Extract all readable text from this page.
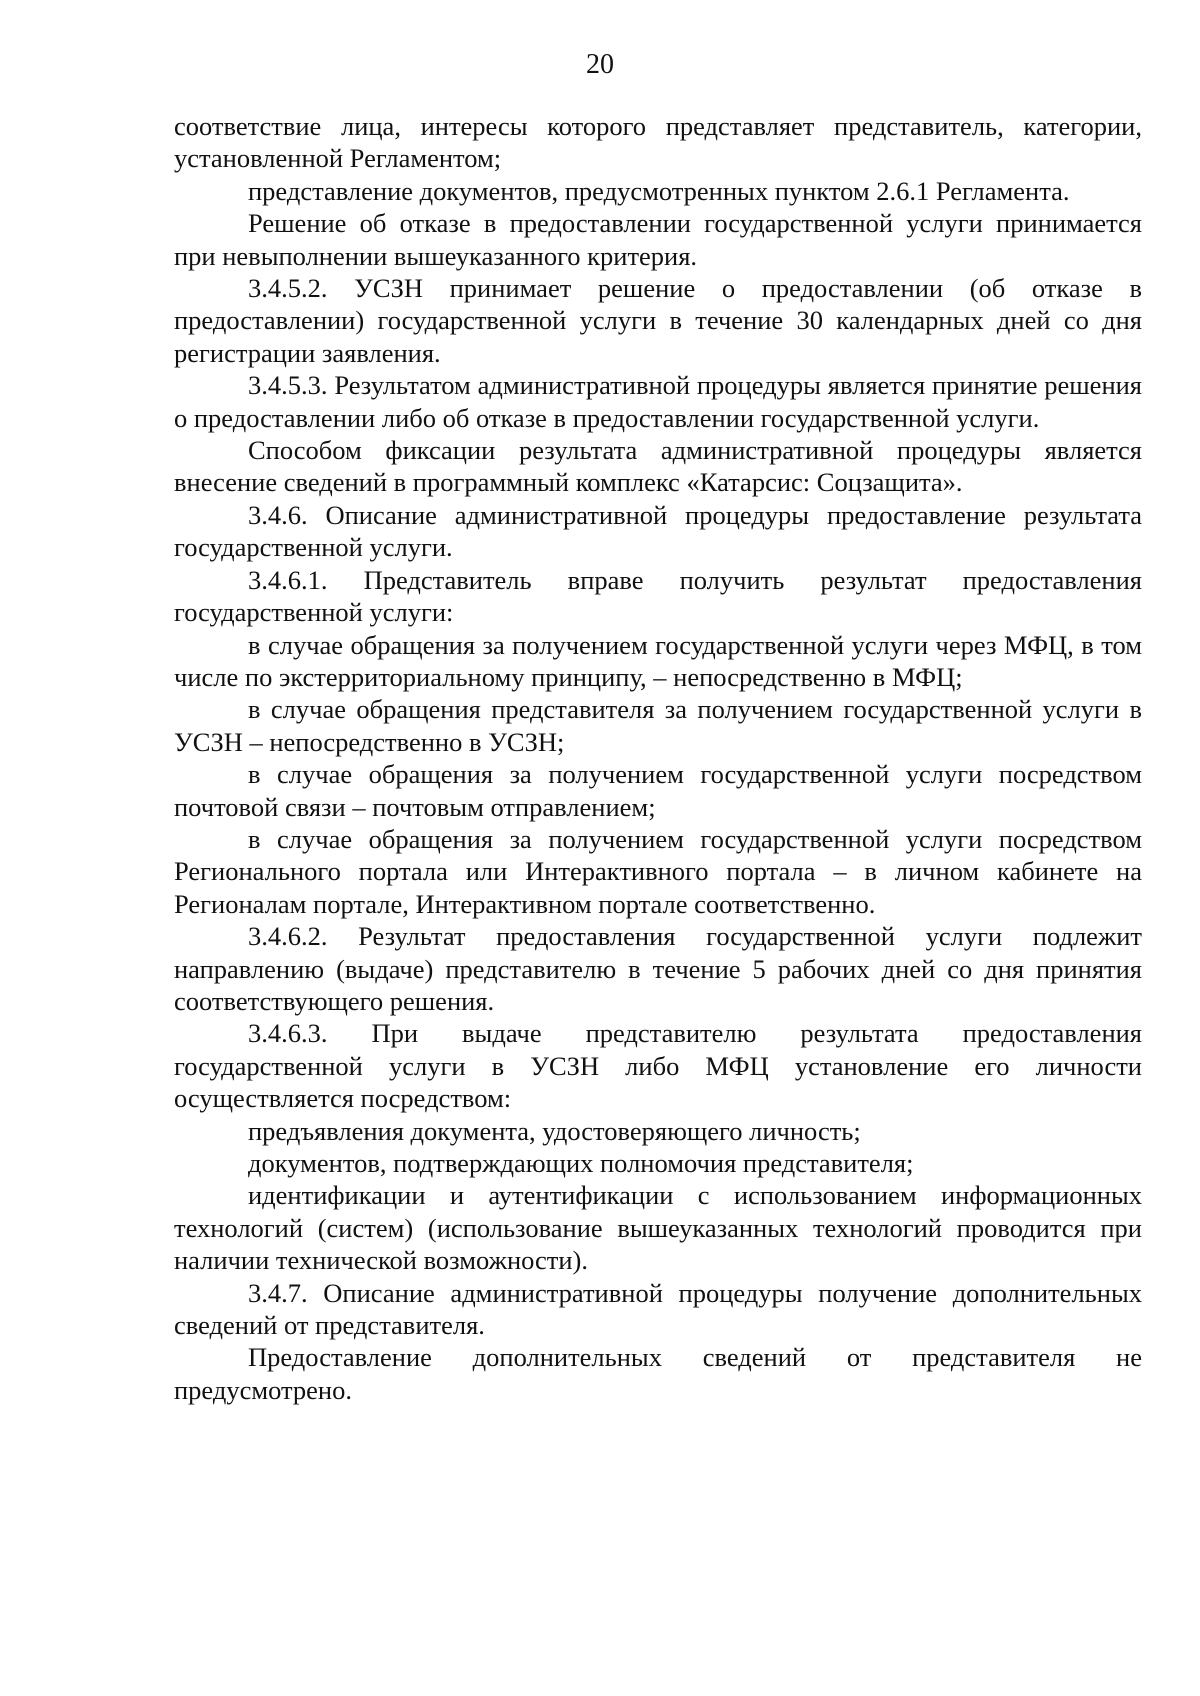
20

соответствие лица, интересы которого представляет представитель, категории, установленной Регламентом;

представление документов, предусмотренных пунктом 2.6.1 Регламента.

Решение об отказе в предоставлении государственной услуги принимается при невыполнении вышеуказанного критерия.

3.4.5.2. УСЗН принимает решение о предоставлении (об отказе в предоставлении) государственной услуги в течение 30 календарных дней со дня регистрации заявления.

3.4.5.3. Результатом административной процедуры является принятие решения о предоставлении либо об отказе в предоставлении государственной услуги.

Способом фиксации результата административной процедуры является внесение сведений в программный комплекс «Катарсис: Соцзащита».

3.4.6. Описание административной процедуры предоставление результата государственной услуги.

3.4.6.1. Представитель вправе получить результат предоставления государственной услуги:

в случае обращения за получением государственной услуги через МФЦ, в том числе по экстерриториальному принципу, – непосредственно в МФЦ;

в случае обращения представителя за получением государственной услуги в УСЗН – непосредственно в УСЗН;

в случае обращения за получением государственной услуги посредством почтовой связи – почтовым отправлением;

в случае обращения за получением государственной услуги посредством Регионального портала или Интерактивного портала – в личном кабинете на Регионалам портале, Интерактивном портале соответственно.

3.4.6.2. Результат предоставления государственной услуги подлежит направлению (выдаче) представителю в течение 5 рабочих дней со дня принятия соответствующего решения.

3.4.6.3. При выдаче представителю результата предоставления государственной услуги в УСЗН либо МФЦ установление его личности осуществляется посредством:

предъявления документа, удостоверяющего личность;

документов, подтверждающих полномочия представителя;

идентификации и аутентификации с использованием информационных технологий (систем) (использование вышеуказанных технологий проводится при наличии технической возможности).

3.4.7. Описание административной процедуры получение дополнительных сведений от представителя.

Предоставление дополнительных сведений от представителя не предусмотрено.
